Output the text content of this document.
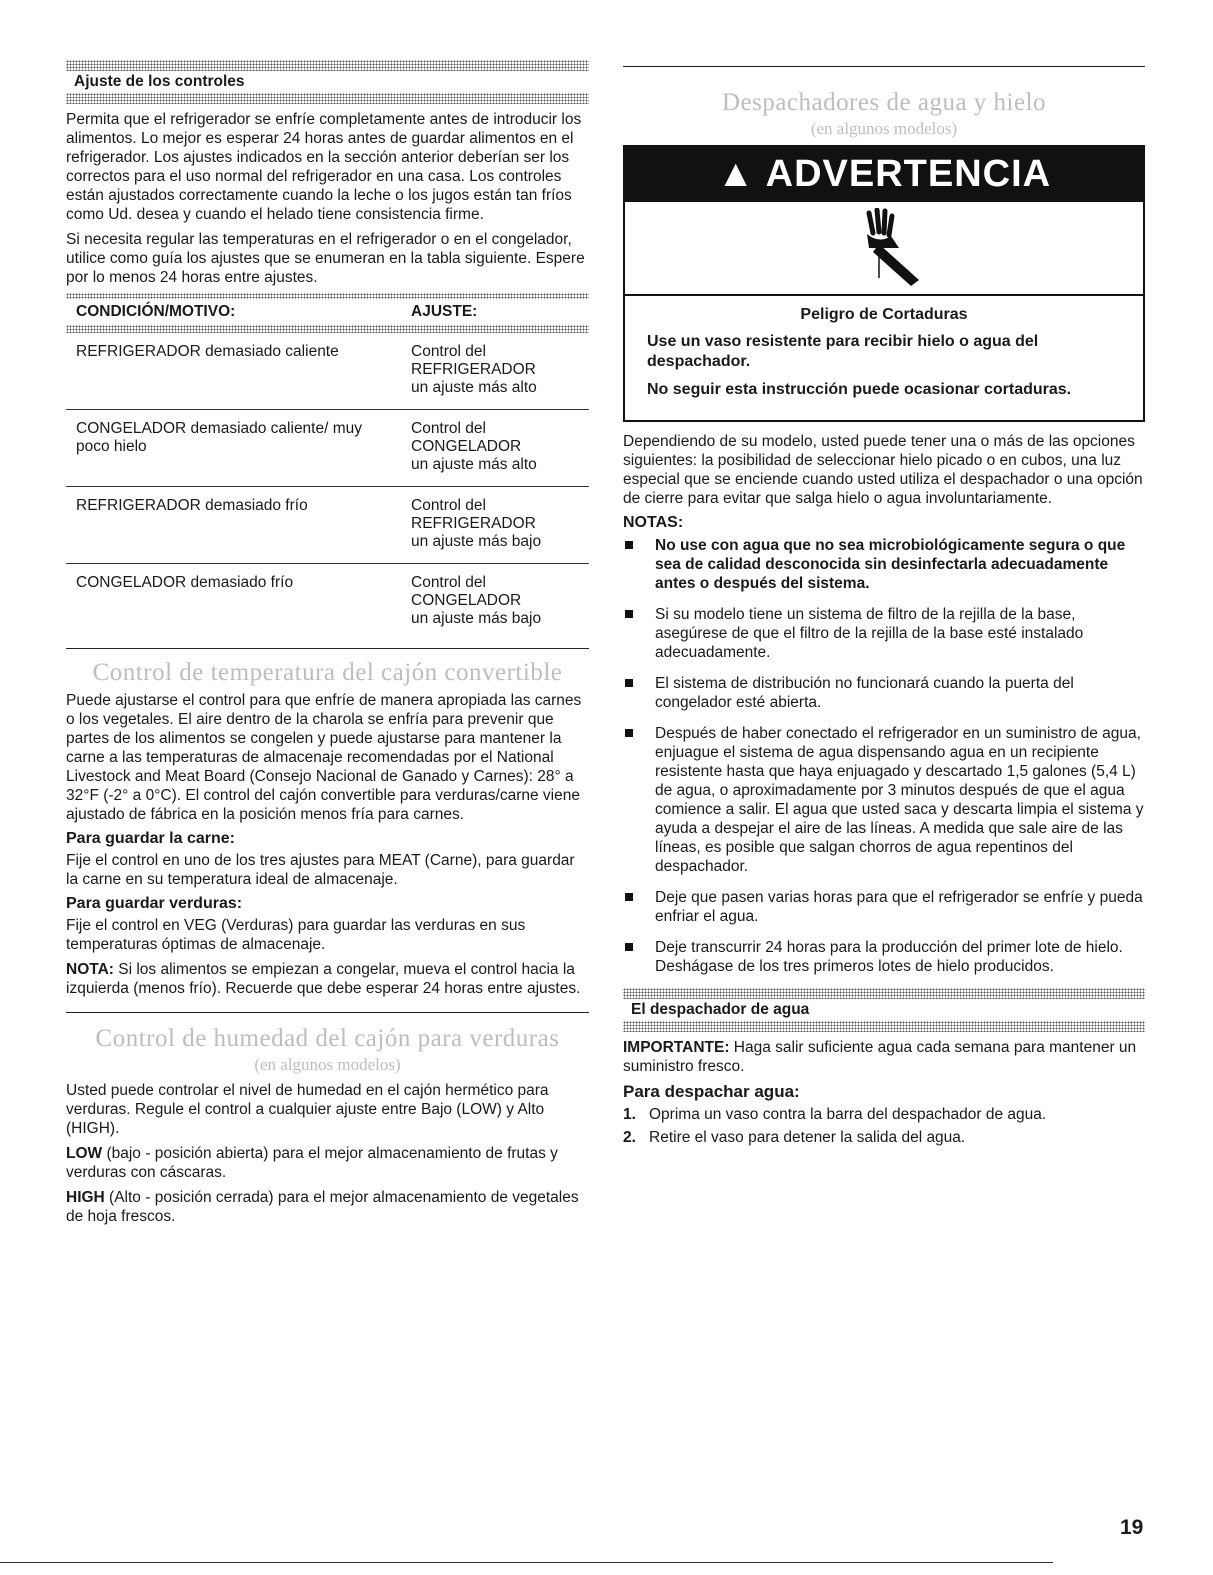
Ajuste de los controles

Permita que el refrigerador se enfríe completamente antes de introducir los alimentos. Lo mejor es esperar 24 horas antes de guardar alimentos en el refrigerador. Los ajustes indicados en la sección anterior deberían ser los correctos para el uso normal del refrigerador en una casa. Los controles están ajustados correctamente cuando la leche o los jugos están tan fríos como Ud. desea y cuando el helado tiene consistencia firme.

Si necesita regular las temperaturas en el refrigerador o en el congelador, utilice como guía los ajustes que se enumeran en la tabla siguiente. Espere por lo menos 24 horas entre ajustes.

CONDICIÓN/MOTIVO:	AJUSTE:

REFRIGERADOR demasiado caliente	Control del
REFRIGERADOR
un ajuste más alto

CONGELADOR demasiado caliente/ muy poco hielo	Control del
CONGELADOR
un ajuste más alto

REFRIGERADOR demasiado frío	Control del
REFRIGERADOR
un ajuste más bajo

CONGELADOR demasiado frío	Control del
CONGELADOR
un ajuste más bajo
Control de temperatura del cajón convertible

Puede ajustarse el control para que enfríe de manera apropiada las carnes o los vegetales. El aire dentro de la charola se enfría para prevenir que partes de los alimentos se congelen y puede ajustarse para mantener la carne a las temperaturas de almacenaje recomendadas por el National Livestock and Meat Board (Consejo Nacional de Ganado y Carnes): 28° a 32°F (-2° a 0°C). El control del cajón convertible para verduras/carne viene ajustado de fábrica en la posición menos fría para carnes.

Para guardar la carne:

Fije el control en uno de los tres ajustes para MEAT (Carne), para guardar la carne en su temperatura ideal de almacenaje.

Para guardar verduras:

Fije el control en VEG (Verduras) para guardar las verduras en sus temperaturas óptimas de almacenaje.

NOTA: Si los alimentos se empiezan a congelar, mueva el control hacia la izquierda (menos frío). Recuerde que debe esperar 24 horas entre ajustes.

Control de humedad del cajón para verduras
(en algunos modelos)

Usted puede controlar el nivel de humedad en el cajón hermético para verduras. Regule el control a cualquier ajuste entre Bajo (LOW) y Alto (HIGH).

LOW (bajo - posición abierta) para el mejor almacenamiento de frutas y verduras con cáscaras.

HIGH (Alto - posición cerrada) para el mejor almacenamiento de vegetales de hoja frescos.

Despachadores de agua y hielo
(en algunos modelos)
▲ ADVERTENCIA
Peligro de Cortaduras

Use un vaso resistente para recibir hielo o agua del despachador.

No seguir esta instrucción puede ocasionar cortaduras.

Dependiendo de su modelo, usted puede tener una o más de las opciones siguientes: la posibilidad de seleccionar hielo picado o en cubos, una luz especial que se enciende cuando usted utiliza el despachador o una opción de cierre para evitar que salga hielo o agua involuntariamente.

NOTAS:
No use con agua que no sea microbiológicamente segura o que sea de calidad desconocida sin desinfectarla adecuadamente antes o después del sistema.
Si su modelo tiene un sistema de filtro de la rejilla de la base, asegúrese de que el filtro de la rejilla de la base esté instalado adecuadamente.
El sistema de distribución no funcionará cuando la puerta del congelador esté abierta.
Después de haber conectado el refrigerador en un suministro de agua, enjuague el sistema de agua dispensando agua en un recipiente resistente hasta que haya enjuagado y descartado 1,5 galones (5,4 L) de agua, o aproximadamente por 3 minutos después de que el agua comience a salir. El agua que usted saca y descarta limpia el sistema y ayuda a despejar el aire de las líneas. A medida que sale aire de las líneas, es posible que salgan chorros de agua repentinos del despachador.
Deje que pasen varias horas para que el refrigerador se enfríe y pueda enfriar el agua.
Deje transcurrir 24 horas para la producción del primer lote de hielo. Deshágase de los tres primeros lotes de hielo producidos.
El despachador de agua

IMPORTANTE: Haga salir suficiente agua cada semana para mantener un suministro fresco.

Para despachar agua:
1. Oprima un vaso contra la barra del despachador de agua.
2. Retire el vaso para detener la salida del agua.
19
